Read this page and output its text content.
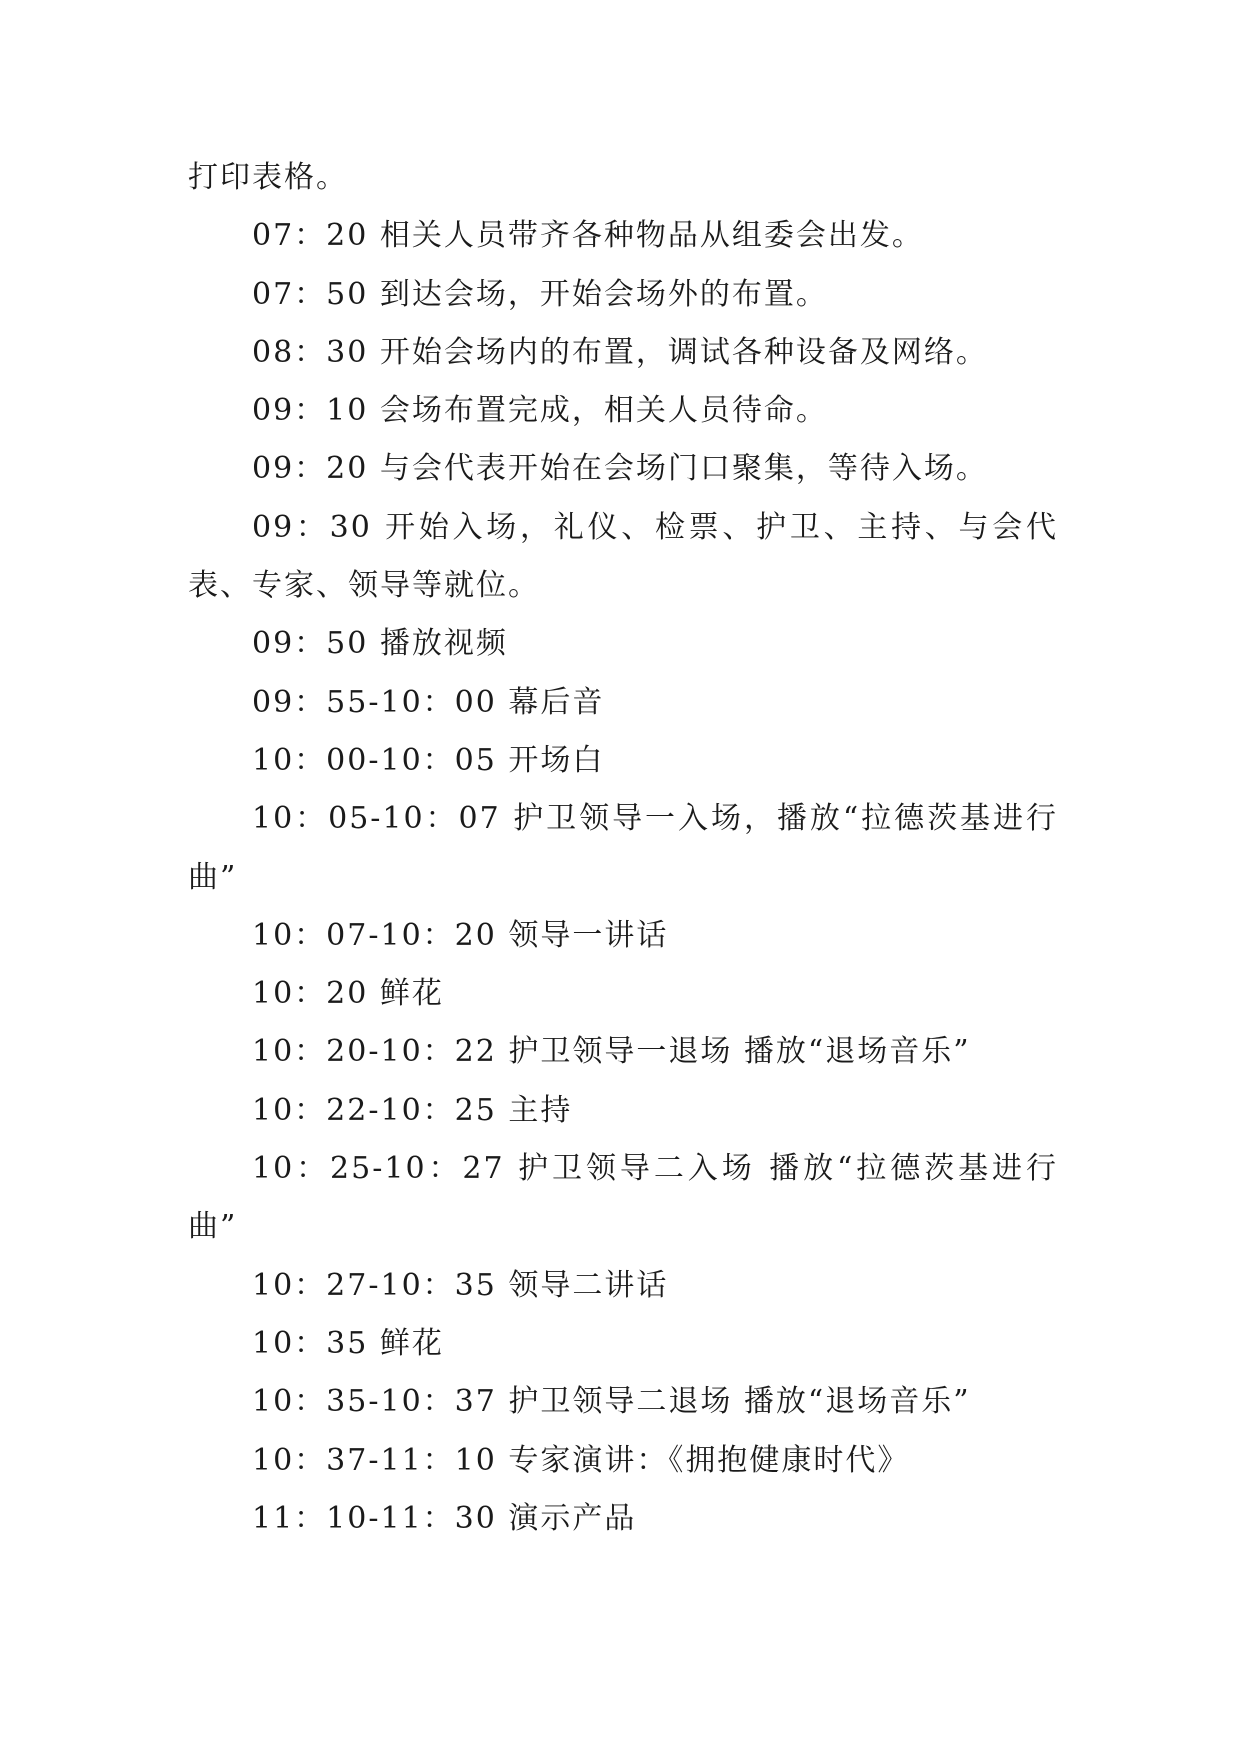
打印表格。
07：20 相关人员带齐各种物品从组委会出发。
07：50 到达会场，开始会场外的布置。
08：30 开始会场内的布置，调试各种设备及网络。
09：10 会场布置完成，相关人员待命。
09：20 与会代表开始在会场门口聚集，等待入场。
09：30 开始入场，礼仪、检票、护卫、主持、与会代
表、专家、领导等就位。
09：50 播放视频
09：55-10：00 幕后音
10：00-10：05 开场白
10：05-10：07 护卫领导一入场，播放“拉德茨基进行
曲”
10：07-10：20 领导一讲话
10：20 鲜花
10：20-10：22 护卫领导一退场 播放“退场音乐”
10：22-10：25 主持
10：25-10：27 护卫领导二入场 播放“拉德茨基进行
曲”
10：27-10：35 领导二讲话
10：35 鲜花
10：35-10：37 护卫领导二退场 播放“退场音乐”
10：37-11：10 专家演讲：《拥抱健康时代》
11：10-11：30 演示产品
